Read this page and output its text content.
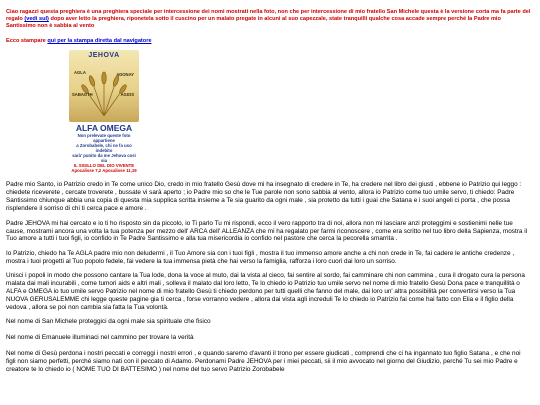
Ciao ragazzi questa preghiera è una preghiera speciale per intercessione dei nomi mostrati nella foto, non che per intercessione di mio fratello San Michele questa è la versione corta ma fa parte del regalo (vedi sul) dopo aver letto la preghiera, riponetela sotto il cuscino per un malato pregate in alcuni al suo capezzale, state tranquilli qualche cosa accade sempre perché la Padre mio Santissimo non è sabbia al vento
Ecco stampare qui per la stampa diretta dal navigatore
JEHOVA
AGLA	ADONAY
SABAOTH	AGIOS
ALFA OMEGA
Non prelevate queste foto appartiene
a Zorobabele, chi ne fa uso indebito
sarà' punito da me Jehova così sia
IL SIGILLO DEL DIO VIVENTE
Apocalisse 7,2 Apocalisse 11,19

Padre mio Santo, io Patrizio credo in Te come unico Dio, credo in mio fratello Gesù dove mi ha insegnato di credere in Te, ha credere nel libro dei giusti , ebbene io Patrizio qui leggo : chiedete riceverete , cercate troverete , bussate vi sarà aperto ; io Padre mio so che le Tue parole non sono sabbia al vento, allora io Patrizio come tuo umile servo, ti chiedo: Padre Santissimo chiunque abbia una copia di questa mia supplica scritta insieme a Te sia guarito da ogni male , sia protetto da tutti i guai che Satana e i suoi angeli ci porta , che possa risplendere il sorriso di chi ti cerca pace e amore .

Padre JEHOVA mi hai cercato e io ti ho risposto sin da piccolo, io Ti parlo Tu mi rispondi, ecco il vero rapporto tra di noi, allora non mi lasciare anzi proteggimi e sostienimi nelle tue cause, mostrami ancora una volta la tua potenza per mezzo dell' ARCA dell' ALLEANZA che mi ha regalato per farmi riconoscere , come era scritto nel tuo libro della Sapienza, mostra il Tuo amore a tutti i tuoi figli, io confido in Te Padre Santissimo e alla tua misericordia io confido nel pastore che cerca la pecorella smarrita .

Io Patrizio, chiedo ha Te AGLA padre mio non deludermi , il Tuo Amore sia con i tuoi figli , mostra il tuo immenso amore anche a chi non crede in Te, fai cadere le antiche credenze , mostra i tuoi progetti al Tuo popolo fedele, fai vedere la tua immensa pietà che hai verso la famiglia, rafforza i loro cuori dai loro un sorriso.

Unisci i popoli in modo che possono cantare la Tua lode, dona la voce al muto, dai la vista al cieco, fai sentire al sordo, fai camminare chi non cammina , cura il drogato cura la persona malata dai mali incurabili , come tumori aids e altri mali , solleva il malato dal loro letto, Te lo chiedo io Patrizio tuo umile servo nel nome di mio fratello Gesù Dona pace e tranquillità o ALFA e OMEGA io tuo umile servo Patrizio nel nome di mio fratello Gesù ti chiedo perdono per tutti quelli che fanno del male, dai loro un' altra possibilità per convertirsi verso la Tua NUOVA GERUSALEMME chi legge queste pagine gia ti cerca , forse vorranno vedere , allora dai vista agli increduli Te lo chiedo io Patrizio fai come hai fatto con Elia e il figlio della vedova , allora se poi non cambia sia fatta la Tua volontà.

Nel nome di San Michele proteggici da ogni male sia spirituale che fisico

Nel nome di Emanuele illuminaci nel cammino per trovare la verità

Nel nome di Gesù perdona i nostri peccati e correggi i nostri errori , e quando saremo d'avanti il trono per essere giudicati , comprendi che ci ha ingannato tuo figlio Satana , e che noi figli non siamo perfetti, perché siamo nati con il peccato di Adamo. Perdonami Padre JEHOVA per i miei peccati, sii il mio avvocato nel giorno del Giudizio, perché Tu sei mio Padre e creatore te lo chiedo io ( NOME TUO DI BATTESIMO ) nel nome del tuo servo Patrizio Zorobabele
